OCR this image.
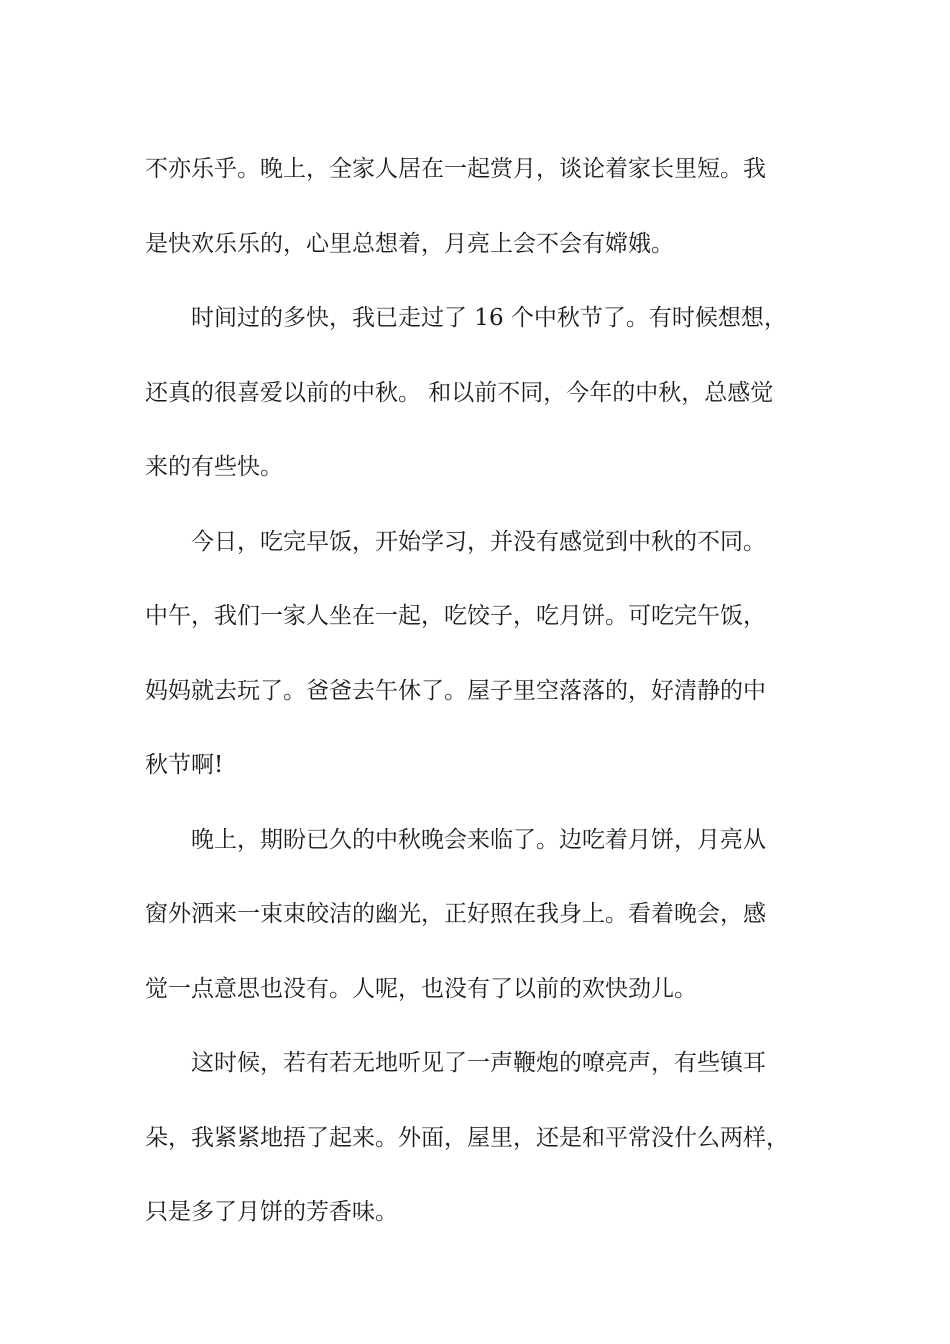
不亦乐乎。晚上，全家人居在一起赏月，谈论着家长里短。我
是快欢乐乐的，心里总想着，月亮上会不会有嫦娥。
时间过的多快，我已走过了 16 个中秋节了。有时候想想，
还真的很喜爱以前的中秋。 和以前不同，今年的中秋，总感觉
来的有些快。
今日，吃完早饭，开始学习，并没有感觉到中秋的不同。
中午，我们一家人坐在一起，吃饺子，吃月饼。可吃完午饭，
妈妈就去玩了。爸爸去午休了。屋子里空落落的，好清静的中
秋节啊!
晚上，期盼已久的中秋晚会来临了。边吃着月饼，月亮从
窗外洒来一束束皎洁的幽光，正好照在我身上。看着晚会，感
觉一点意思也没有。人呢，也没有了以前的欢快劲儿。
这时候，若有若无地听见了一声鞭炮的嘹亮声，有些镇耳
朵，我紧紧地捂了起来。外面，屋里，还是和平常没什么两样，
只是多了月饼的芳香味。
